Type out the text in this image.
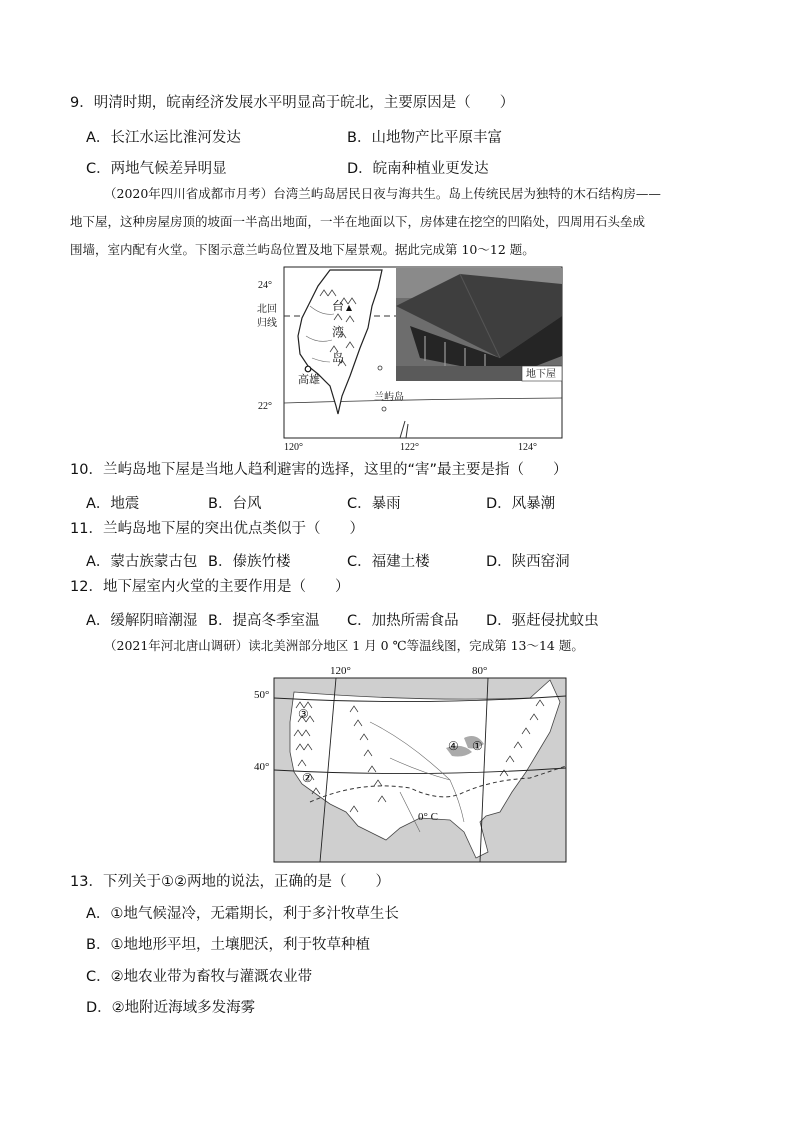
9．明清时期，皖南经济发展水平明显高于皖北，主要原因是（　　）
A．长江水运比淮河发达	B．山地物产比平原丰富
C．两地气候差异明显	D．皖南种植业更发达
（2020年四川省成都市月考）台湾兰屿岛居民日夜与海共生。岛上传统民居为独特的木石结构房——
地下屋，这种房屋房顶的坡面一半高出地面，一半在地面以下，房体建在挖空的凹陷处，四周用石头垒成
围墙，室内配有火堂。下图示意兰屿岛位置及地下屋景观。据此完成第 10～12 题。
台
湾
岛
高雄
兰屿岛
24°
北回
归线
22°
120°	122°	124°
地下屋
10．兰屿岛地下屋是当地人趋利避害的选择，这里的“害”最主要是指（　　）
A．地震	B．台风	C．暴雨	D．风暴潮
11．兰屿岛地下屋的突出优点类似于（　　）
A．蒙古族蒙古包 B．傣族竹楼	C．福建土楼	D．陕西窑洞
12．地下屋室内火堂的主要作用是（　　）
A．缓解阴暗潮湿 B．提高冬季室温 C．加热所需食品 D．驱赶侵扰蚊虫
（2021年河北唐山调研）读北美洲部分地区 1 月 0 ℃等温线图，完成第 13～14 题。
120°	80°
50°
40°
③
②
④ ①
0° C
13．下列关于①②两地的说法，正确的是（　　）
A．①地气候湿冷，无霜期长，利于多汁牧草生长
B．①地地形平坦，土壤肥沃，利于牧草种植
C．②地农业带为畜牧与灌溉农业带
D．②地附近海域多发海雾
